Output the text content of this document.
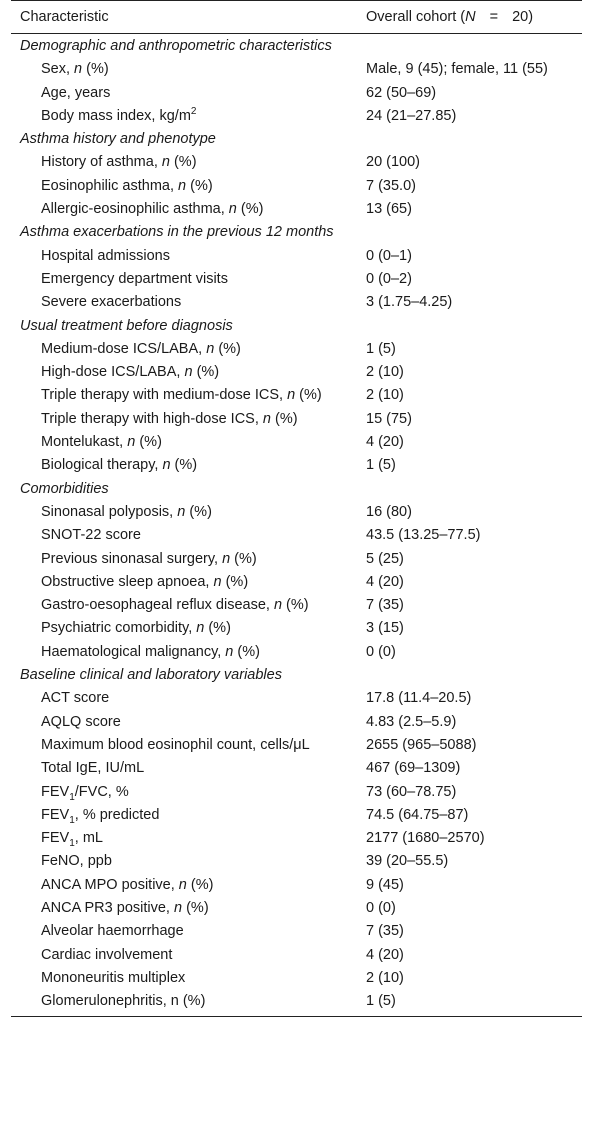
Characteristic	Overall cohort (N = 20)
Demographic and anthropometric characteristics	
Sex, n (%)	Male, 9 (45); female, 11 (55)
Age, years	62 (50–69)
Body mass index, $kg/m^2$	24 (21–27.85)
Asthma history and phenotype	
History of asthma, n (%)	20 (100)
Eosinophilic asthma, n (%)	7 (35.0)
Allergic-eosinophilic asthma, n (%)	13 (65)
Asthma exacerbations in the previous 12 months	
Hospital admissions	0 (0–1)
Emergency department visits	0 (0–2)
Severe exacerbations	3 (1.75–4.25)
Usual treatment before diagnosis	
Medium-dose ICS/LABA, n (%)	1 (5)
High-dose ICS/LABA, n (%)	2 (10)
Triple therapy with medium-dose ICS, n (%)	2 (10)
Triple therapy with high-dose ICS, n (%)	15 (75)
Montelukast, n (%)	4 (20)
Biological therapy, n (%)	1 (5)
Comorbidities	
Sinonasal polyposis, n (%)	16 (80)
SNOT-22 score	43.5 (13.25–77.5)
Previous sinonasal surgery, n (%)	5 (25)
Obstructive sleep apnoea, n (%)	4 (20)
Gastro-oesophageal reflux disease, n (%)	7 (35)
Psychiatric comorbidity, n (%)	3 (15)
Haematological malignancy, n (%)	0 (0)
Baseline clinical and laboratory variables	
ACT score	17.8 (11.4–20.5)
AQLQ score	4.83 (2.5–5.9)
Maximum blood eosinophil count, cells/μL	2655 (965–5088)
Total IgE, IU/mL	467 (69–1309)
$FEV_1$/FVC, %	73 (60–78.75)
$FEV_1$, % predicted	74.5 (64.75–87)
$FEV_1$, mL	2177 (1680–2570)
FeNO, ppb	39 (20–55.5)
ANCA MPO positive, n (%)	9 (45)
ANCA PR3 positive, n (%)	0 (0)
Alveolar haemorrhage	7 (35)
Cardiac involvement	4 (20)
Mononeuritis multiplex	2 (10)
Glomerulonephritis, n (%)	1 (5)
